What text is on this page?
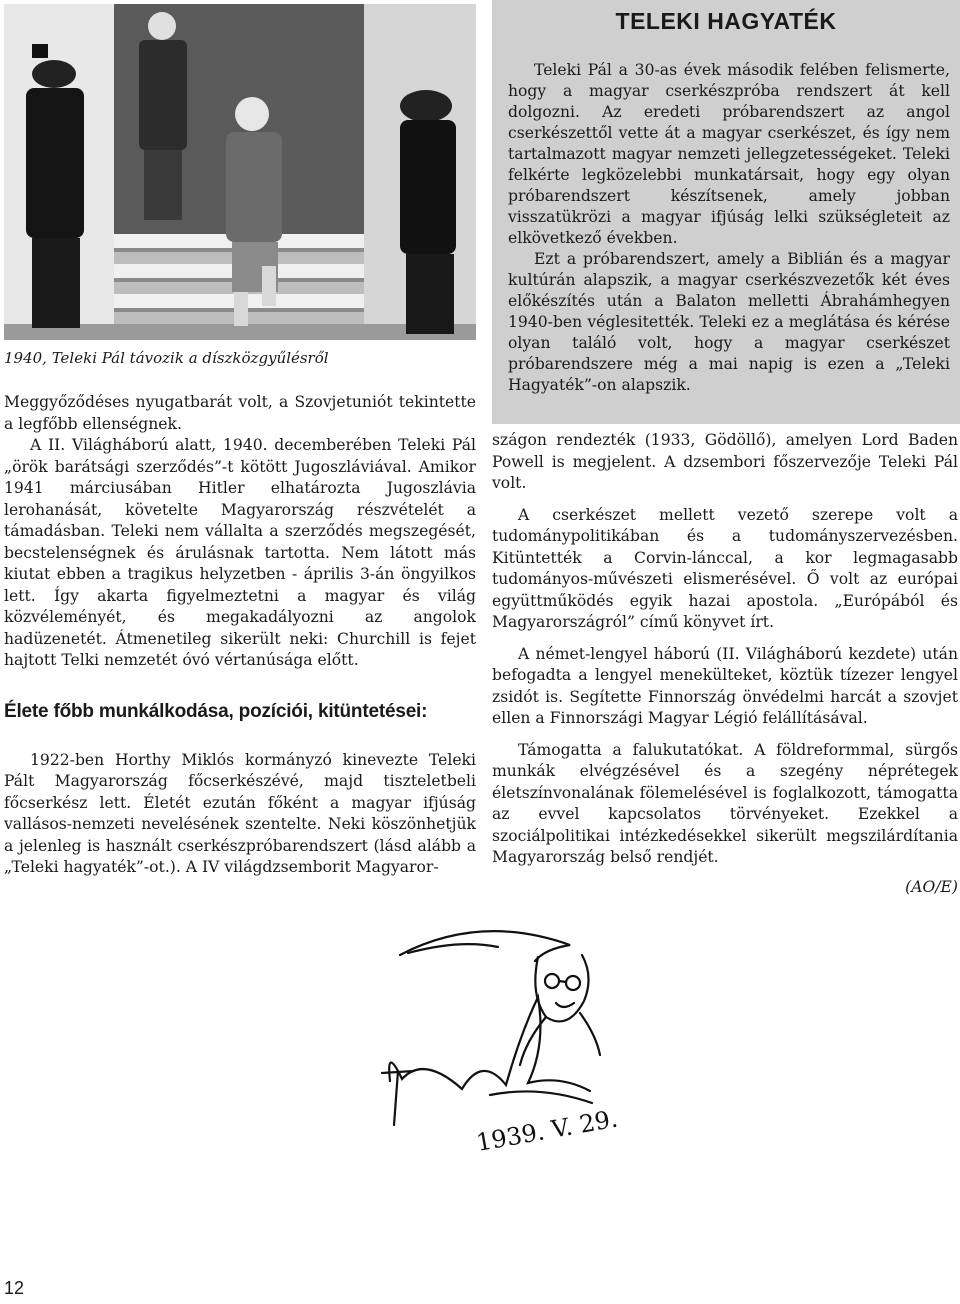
1940, Teleki Pál távozik a díszközgyűlésről

Meggyőződéses nyugatbarát volt, a Szovjetuniót tekintette a legfőbb ellenségnek.

A II. Világháború alatt, 1940. decemberében Teleki Pál „örök barátsági szerződés”-t kötött Jugoszláviával. Amikor 1941 márciusában Hitler elhatározta Jugoszlávia lerohanását, követelte Magyarország részvételét a támadásban. Teleki nem vállalta a szerződés megszegését, becstelenségnek és árulásnak tartotta. Nem látott más kiutat ebben a tragikus helyzetben - április 3-án öngyilkos lett. Így akarta figyelmeztetni a magyar és világ közvéleményét, és megakadályozni az angolok hadüzenetét. Átmenetileg sikerült neki: Churchill is fejet hajtott Telki nemzetét óvó vértanúsága előtt.

Élete főbb munkálkodása, pozíciói, kitüntetései:

1922-ben Horthy Miklós kormányzó kinevezte Teleki Pált Magyarország főcserkészévé, majd tiszteletbeli főcserkész lett. Életét ezután főként a magyar ifjúság vallásos-nemzeti nevelésének szentelte. Neki köszönhetjük a jelenleg is használt cserkészpróbarendszert (lásd alább a „Teleki hagyaték”-ot.). A IV világdzsemborit Magyaror-

TELEKI HAGYATÉK

Teleki Pál a 30-as évek második felében felismerte, hogy a magyar cserkészpróba rendszert át kell dolgozni. Az eredeti próbarendszert az angol cserkészettől vette át a magyar cserkészet, és így nem tartalmazott magyar nemzeti jellegzetességeket. Teleki felkérte legközelebbi munkatársait, hogy egy olyan próbarendszert készítsenek, amely jobban visszatükrözi a magyar ifjúság lelki szükségleteit az elkövetkező években.

Ezt a próbarendszert, amely a Biblián és a magyar kultúrán alapszik, a magyar cserkészvezetők két éves előkészítés után a Balaton melletti Ábrahámhegyen 1940-ben véglesitették. Teleki ez a meglátása és kérése olyan találó volt, hogy a magyar cserkészet próbarendszere még a mai napig is ezen a „Teleki Hagyaték”-on alapszik.

szágon rendezték (1933, Gödöllő), amelyen Lord Baden Powell is megjelent. A dzsembori főszervezője Teleki Pál volt.

A cserkészet mellett vezető szerepe volt a tudománypolitikában és a tudományszervezésben. Kitüntették a Corvin-lánccal, a kor legmagasabb tudományos-művészeti elismerésével. Ő volt az európai együttműködés egyik hazai apostola. „Európából és Magyarországról” című könyvet írt.

A német-lengyel háború (II. Világháború kezdete) után befogadta a lengyel menekülteket, köztük tízezer lengyel zsidót is. Segítette Finnország önvédelmi harcát a szovjet ellen a Finnországi Magyar Légió felállításával.

Támogatta a falukutatókat. A földreformmal, sürgős munkák elvégzésével és a szegény néprétegek életszínvonalának fölemelésével is foglalkozott, támogatta az evvel kapcsolatos törvényeket. Ezekkel a szociálpolitikai intézkedésekkel sikerült megszilárdítania Magyarország belső rendjét.

(AO/E)

1939. V. 29.
12
